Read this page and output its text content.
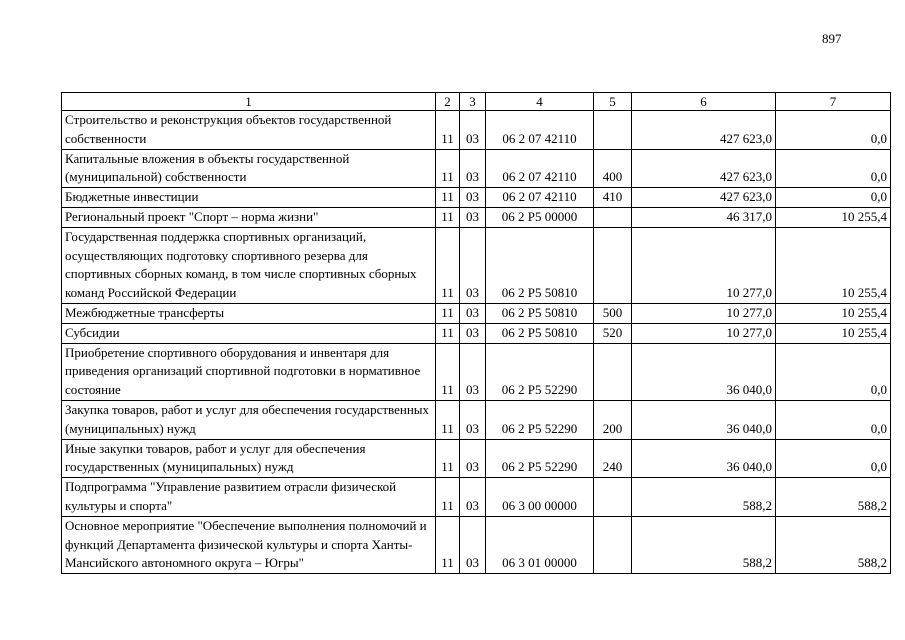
897
1	2	3	4	5	6	7
Строительство и реконструкция объектов государственной собственности	11	03	06 2 07 42110		427 623,0	0,0
Капитальные вложения в объекты государственной (муниципальной) собственности	11	03	06 2 07 42110	400	427 623,0	0,0
Бюджетные инвестиции	11	03	06 2 07 42110	410	427 623,0	0,0
Региональный проект "Спорт – норма жизни"	11	03	06 2 P5 00000		46 317,0	10 255,4
Государственная поддержка спортивных организаций, осуществляющих подготовку спортивного резерва для спортивных сборных команд, в том числе спортивных сборных команд Российской Федерации	11	03	06 2 P5 50810		10 277,0	10 255,4
Межбюджетные трансферты	11	03	06 2 P5 50810	500	10 277,0	10 255,4
Субсидии	11	03	06 2 P5 50810	520	10 277,0	10 255,4
Приобретение спортивного оборудования и инвентаря для приведения организаций спортивной подготовки в нормативное состояние	11	03	06 2 P5 52290		36 040,0	0,0
Закупка товаров, работ и услуг для обеспечения государственных (муниципальных) нужд	11	03	06 2 P5 52290	200	36 040,0	0,0
Иные закупки товаров, работ и услуг для обеспечения государственных (муниципальных) нужд	11	03	06 2 P5 52290	240	36 040,0	0,0
Подпрограмма "Управление развитием отрасли физической культуры и спорта"	11	03	06 3 00 00000		588,2	588,2
Основное мероприятие "Обеспечение выполнения полномочий и функций Департамента физической культуры и спорта Ханты-Мансийского автономного округа – Югры"	11	03	06 3 01 00000		588,2	588,2
